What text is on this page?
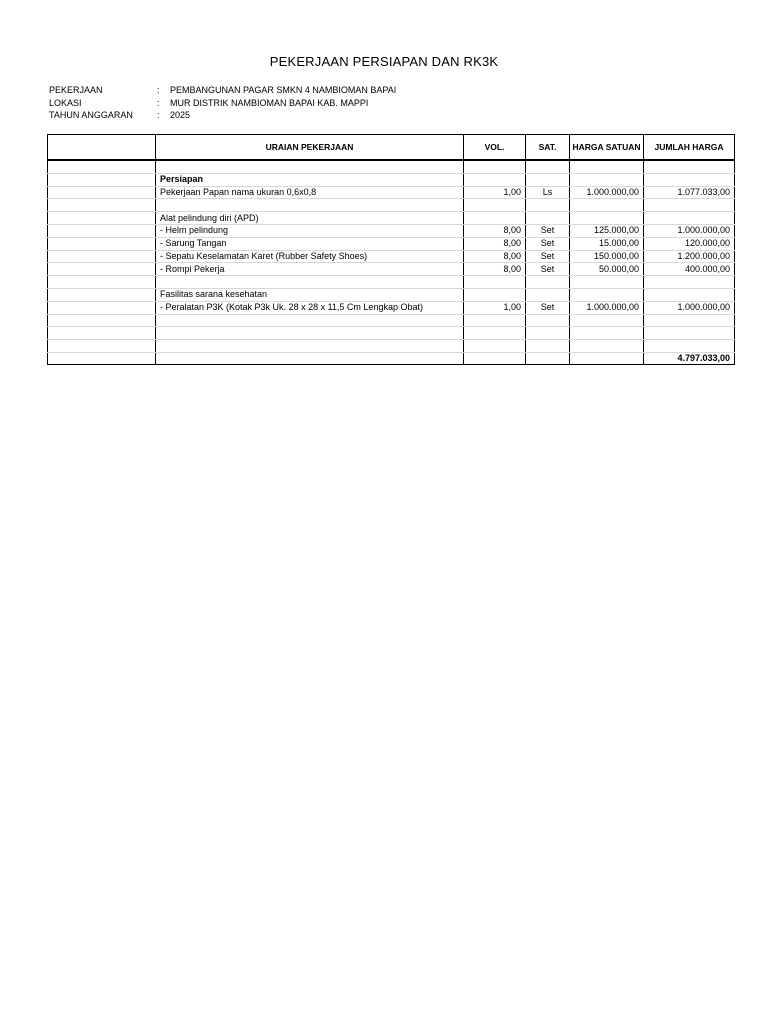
PEKERJAAN PERSIAPAN DAN RK3K
PEKERJAAN	:	PEMBANGUNAN PAGAR SMKN 4 NAMBIOMAN BAPAI
LOKASI	:	MUR DISTRIK NAMBIOMAN BAPAI KAB. MAPPI
TAHUN ANGGARAN	:	2025
	URAIAN PEKERJAAN	VOL.	SAT.	HARGA SATUAN	JUMLAH HARGA

	Persiapan				
	Pekerjaan Papan nama ukuran 0,6x0,8	1,00	Ls	1.000.000,00	1.077.033,00

	Alat pelindung diri (APD)				
	- Helm pelindung	8,00	Set	125.000,00	1.000.000,00
	- Sarung Tangan	8,00	Set	15.000,00	120.000,00
	- Sepatu Keselamatan Karet (Rubber Safety Shoes)	8,00	Set	150.000,00	1.200.000,00
	- Rompi Pekerja	8,00	Set	50.000,00	400.000,00

	Fasilitas sarana kesehatan				
	- Peralatan P3K (Kotak P3k Uk. 28 x 28 x 11,5 Cm Lengkap Obat)	1,00	Set	1.000.000,00	1.000.000,00

					4.797.033,00
